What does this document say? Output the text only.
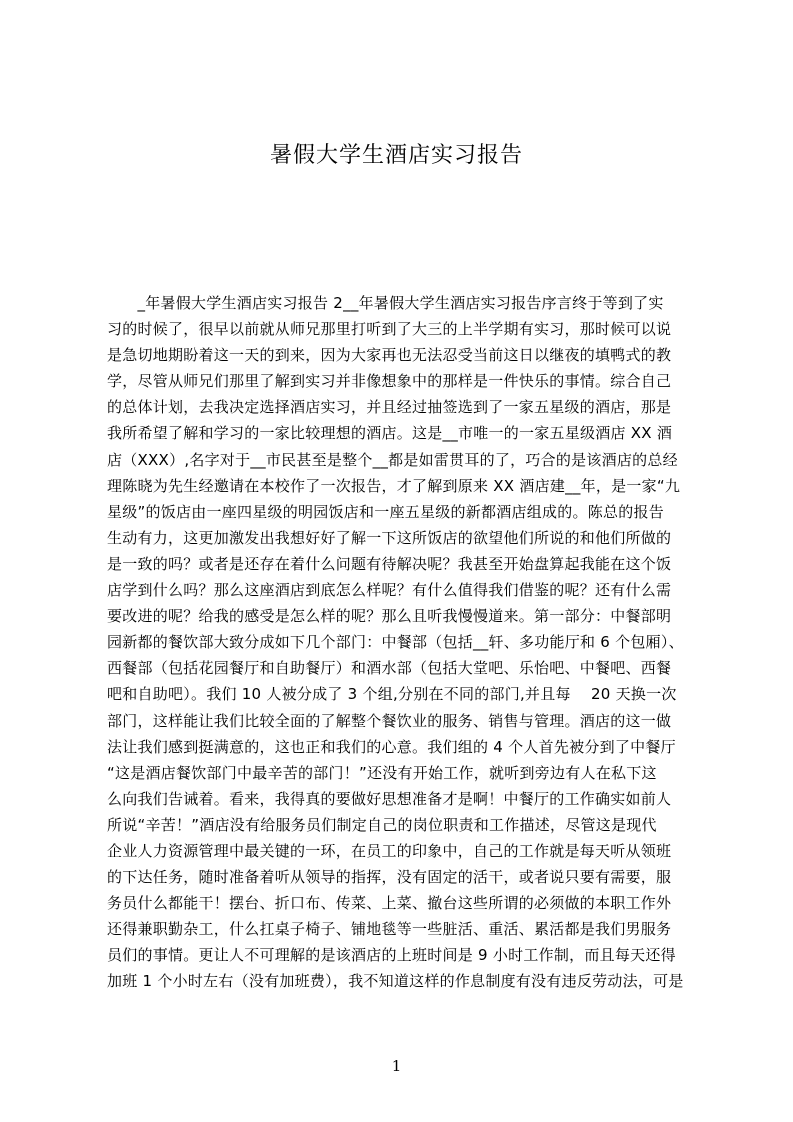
暑假大学生酒店实习报告
　　_年暑假大学生酒店实习报告 2__年暑假大学生酒店实习报告序言终于等到了实
习的时候了，很早以前就从师兄那里打听到了大三的上半学期有实习，那时候可以说
是急切地期盼着这一天的到来，因为大家再也无法忍受当前这日以继夜的填鸭式的教
学，尽管从师兄们那里了解到实习并非像想象中的那样是一件快乐的事情。综合自己
的总体计划，去我决定选择酒店实习，并且经过抽签选到了一家五星级的酒店，那是
我所希望了解和学习的一家比较理想的酒店。这是__市唯一的一家五星级酒店 XX 酒
店（XXX）,名字对于__市民甚至是整个__都是如雷贯耳的了，巧合的是该酒店的总经
理陈晓为先生经邀请在本校作了一次报告，才了解到原来 XX 酒店建__年，是一家“九
星级”的饭店由一座四星级的明园饭店和一座五星级的新都酒店组成的。陈总的报告
生动有力，这更加激发出我想好好了解一下这所饭店的欲望他们所说的和他们所做的
是一致的吗？或者是还存在着什么问题有待解决呢？我甚至开始盘算起我能在这个饭
店学到什么吗？那么这座酒店到底怎么样呢？有什么值得我们借鉴的呢？还有什么需
要改进的呢？给我的感受是怎么样的呢？那么且听我慢慢道来。第一部分：中餐部明
园新都的餐饮部大致分成如下几个部门：中餐部（包括__轩、多功能厅和 6 个包厢）、
西餐部（包括花园餐厅和自助餐厅）和酒水部（包括大堂吧、乐怡吧、中餐吧、西餐
吧和自助吧）。我们 10 人被分成了 3 个组,分别在不同的部门,并且每　 20 天换一次
部门，这样能让我们比较全面的了解整个餐饮业的服务、销售与管理。酒店的这一做
法让我们感到挺满意的，这也正和我们的心意。我们组的 4 个人首先被分到了中餐厅
“这是酒店餐饮部门中最辛苦的部门！”还没有开始工作，就听到旁边有人在私下这
么向我们告诫着。看来，我得真的要做好思想准备才是啊！中餐厅的工作确实如前人
所说“辛苦！”酒店没有给服务员们制定自己的岗位职责和工作描述，尽管这是现代
企业人力资源管理中最关键的一环，在员工的印象中，自己的工作就是每天听从领班
的下达任务，随时准备着听从领导的指挥，没有固定的活干，或者说只要有需要，服
务员什么都能干！摆台、折口布、传菜、上菜、撤台这些所谓的必须做的本职工作外
还得兼职勤杂工，什么扛桌子椅子、铺地毯等一些脏活、重活、累活都是我们男服务
员们的事情。更让人不可理解的是该酒店的上班时间是 9 小时工作制，而且每天还得
加班 1 个小时左右（没有加班费），我不知道这样的作息制度有没有违反劳动法，可是
1
